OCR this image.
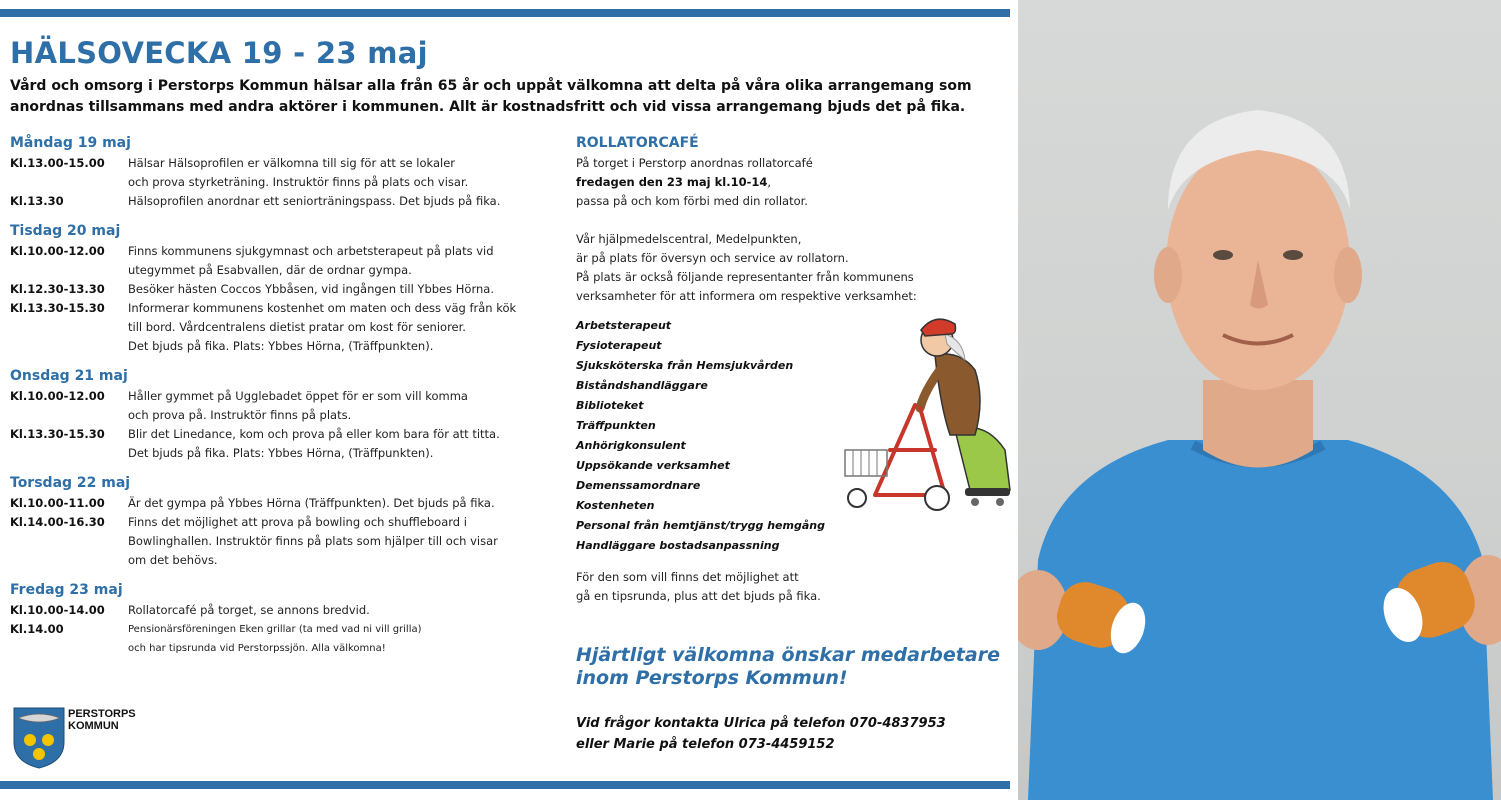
HÄLSOVECKA 19 - 23 maj
Vård och omsorg i Perstorps Kommun hälsar alla från 65 år och uppåt välkomna att delta på våra olika arrangemang som anordnas tillsammans med andra aktörer i kommunen. Allt är kostnadsfritt och vid vissa arrangemang bjuds det på fika.
Måndag 19 maj
Kl.13.00-15.00	Hälsar Hälsoprofilen er välkomna till sig för att se lokaler
och prova styrketräning. Instruktör finns på plats och visar.
Kl.13.30	Hälsoprofilen anordnar ett seniorträningspass. Det bjuds på fika.
Tisdag 20 maj
Kl.10.00-12.00	Finns kommunens sjukgymnast och arbetsterapeut på plats vid
utegymmet på Esabvallen, där de ordnar gympa.
Kl.12.30-13.30	Besöker hästen Coccos Ybbåsen, vid ingången till Ybbes Hörna.
Kl.13.30-15.30	Informerar kommunens kostenhet om maten och dess väg från kök
till bord. Vårdcentralens dietist pratar om kost för seniorer.
Det bjuds på fika. Plats: Ybbes Hörna, (Träffpunkten).
Onsdag 21 maj
Kl.10.00-12.00	Håller gymmet på Ugglebadet öppet för er som vill komma
och prova på. Instruktör finns på plats.
Kl.13.30-15.30	Blir det Linedance, kom och prova på eller kom bara för att titta.
Det bjuds på fika. Plats: Ybbes Hörna, (Träffpunkten).
Torsdag 22 maj
Kl.10.00-11.00	Är det gympa på Ybbes Hörna (Träffpunkten). Det bjuds på fika.
Kl.14.00-16.30	Finns det möjlighet att prova på bowling och shuffleboard i
Bowlinghallen. Instruktör finns på plats som hjälper till och visar
om det behövs.
Fredag 23 maj
Kl.10.00-14.00	Rollatorcafé på torget, se annons bredvid.
Kl.14.00	Pensionärsföreningen Eken grillar (ta med vad ni vill grilla)
och har tipsrunda vid Perstorpssjön. Alla välkomna!
ROLLATORCAFÉ
På torget i Perstorp anordnas rollatorcafé
fredagen den 23 maj kl.10-14,
passa på och kom förbi med din rollator.
Vår hjälpmedelscentral, Medelpunkten,
är på plats för översyn och service av rollatorn.
På plats är också följande representanter från kommunens
verksamheter för att informera om respektive verksamhet:
Arbetsterapeut
Fysioterapeut
Sjuksköterska från Hemsjukvården
Biståndshandläggare
Biblioteket
Träffpunkten
Anhörigkonsulent
Uppsökande verksamhet
Demenssamordnare
Kostenheten
Personal från hemtjänst/trygg hemgång
Handläggare bostadsanpassning
För den som vill finns det möjlighet att
gå en tipsrunda, plus att det bjuds på fika.
Hjärtligt välkomna önskar medarbetare
inom Perstorps Kommun!
Vid frågor kontakta Ulrica på telefon 070-4837953
eller Marie på telefon 073-4459152
PERSTORPS
KOMMUN
